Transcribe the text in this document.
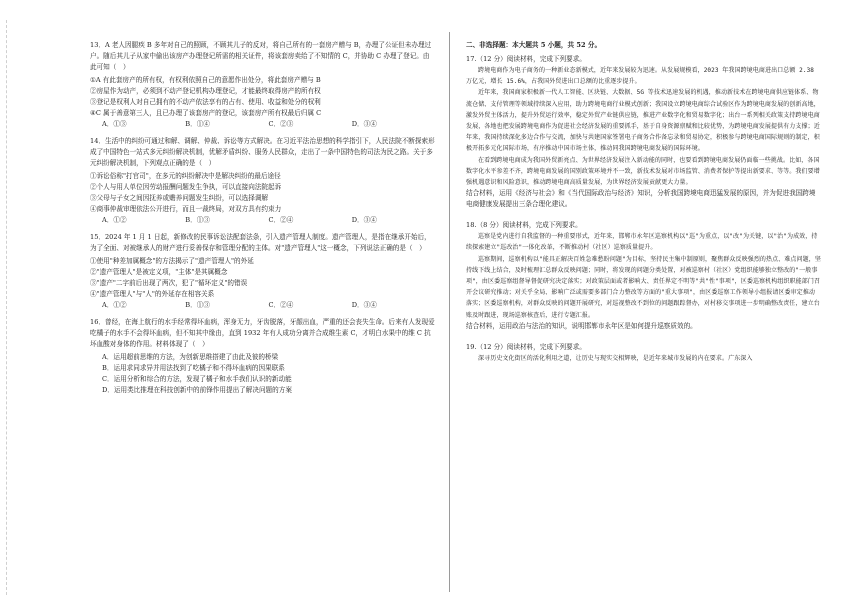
13．A 老人因腿疾 B 多年对自己的照顾，不顾其儿子的反对，将自己所有的一套房产赠与 B，办理了公证但未办理过户。随后其儿子从家中偷出该房产办理登记所需的相关证件，将该套房卖给了不知情的 C，并协助 C 办理了登记。由此可知（　）

①A 有此套房产的所有权，有权利依照自己的意愿作出处分，将此套房产赠与 B

②房屋作为动产，必须到不动产登记机构办理登记，才能最终取得房产的所有权

③登记是权利人对自己拥有的不动产依法享有的占有、使用、收益和处分的权利

④C 属于善意第三人，且已办理了该套房产的登记，该套房产所有权最后归属 C

A．①③	B．①④	C．②③	D．③④

14．生活中的纠纷可通过和解、调解、仲裁、诉讼等方式解决。在习近平法治思想的科学指引下，人民法院不断探索形成了中国特色一站式多元纠纷解决机制，优解矛盾纠纷、服务人民群众，走出了一条中国特色的司法为民之路。关于多元纠纷解决机制，下列观点正确的是（　）

①诉讼俗称"打官司"，在多元的纠纷解决中是解决纠纷的最后途径

②个人与用人单位因劳动报酬问题发生争执，可以直接向法院起诉

③父母与子女之间因抚养或赡养问题发生纠纷，可以选择调解

④商事仲裁审理依法公开进行，而且一裁终局，对双方具有约束力

A．①②	B．①③	C．②④	D．③④

15．2024 年 1 月 1 日起，新修改的民事诉讼法配套法条，引入遗产管理人制度。遗产管理人，是指在继承开始后，为了全面、对被继承人的财产进行妥善保存和管理分配的主体。对"遗产管理人"这一概念，下列说法正确的是（　）

①使用"种差加属概念"的方法揭示了"遗产管理人"的外延

②"遗产管理人"是被定义项，"主体"是其属概念

③"遗产"二字前后出现了两次，犯了"循环定义"的错误

④"遗产管理人"与"人"的外延存在相容关系

A．①②	B．①③	C．②④	D．③④

16．曾经，在海上航行的水手经常得坏血病，浑身无力，牙齿脱落，牙龈出血，严重的还会丧失生命。后来有人发现爱吃橘子的水手不会得坏血病，但不知其中缘由，直到 1932 年有人成功分离并合成维生素 C，才明白水果中的维 C 抗坏血酸对身体的作用。材料体现了（　）

A．运用超前思维的方法，为创新思维搭建了由此及彼的桥梁

B．运用求同求异并用法找到了吃橘子和不得坏血病的因果联系

C．运用分析和综合的方法，发现了橘子和水手我们认识的新动能

D．运用类比推理在科技创新中的前锋作用提出了解决问题的方案

二、非选择题：本大题共 5 小题，共 52 分。

17.（12 分）阅读材料，完成下列要求。

跨境电商作为电子商务的一种新业态新模式，近年来发展较为迅速。从发展规模看，2023 年我国跨境电商进出口总额 2.38 万亿元，增长 15.6%，占我国外贸进出口总额的比重逐步提升。

近年来，我国商家积极新一代人工智能、区块链、大数据、5G 等技术迅速发展的机遇，推动新技术在跨境电商供应链体系、物流仓储、支付管理等领域持续深入应用，助力跨境电商行业模式创新；我国设立跨境电商综合试验区作为跨境电商发展的创新高地，激发外贸主体活力，提升外贸运行效率，稳定外贸产业链供应链，推进产业数字化和贸易数字化；出台一系列相关政策支持跨境电商发展，各地也把发展跨境电商作为促进社会经济发展的重要抓手，基于自身资源禀赋和比较优势，为跨境电商发展提供有力支撑；近年来，我国持续深化多边合作与交流，加快与共建国家签署电子商务合作备忘录和贸易协定，积极参与跨境电商国际规则的制定，积极开拓多元化国际市场，有序推动中国市场主体，推动同我国跨境电商发展的国际环境。

在看到跨境电商成为我国外贸新亮点、为世界经济发展注入新动能的同时，也要看到跨境电商发展仍面临一些挑战。比如，各国数字化水平参差不齐，跨境电商发展的国别政策环境并不一致，新技术发展对市场监管、消费者保护等提出新要求、等等。我们要增强机遇意识和风险意识，推动跨境电商高质量发展，为世界经济发展贡献更大力量。

结合材料，运用《经济与社会》和《当代国际政治与经济》知识，分析我国跨境电商迅猛发展的原因，并为促进我国跨境电商健康发展提出三条合理化建议。

18.（8 分）阅读材料，完成下列要求。

巡察是党内进行自我监督的一种重要形式，近年来，邯郸市永年区巡察机构以"巡"为重点，以"改"为关键，以"治"为成效，持续探索建立"巡改治"一体化改革，不断推动村（社区）巡察质量提升。

巡察期间，巡察机构以"能具正解决百姓急难愁盼问题"为目标，坚持民主集中制原则，聚焦群众反映强烈的热点、难点问题，坚持线下线上结合，及时梳理汇总群众反映问题；同时，将发现的问题分类处置，对被巡察村（社区）党组织能够独立整改的"一般事项"，由区委巡察组督导督促研究决定落实；对政策层面或者影响大、责任界定不明等"共"性"事项"，区委巡察机构组织职能部门召开会议研究推动；对关乎全局、影响广泛或需要多部门合力整改等方面的"重大事项"，由区委巡察工作领导小组报请区委审定推动落实；区委巡察机构，对群众反映的问题开展研究，对巡视整改不到位的问题跟踪督办，对村移交事项进一步明确整改责任，建立台账及时跟进，现场巡察核查后，进行专题汇报。

结合材料，运用政治与法治的知识，说明邯郸市永年区是如何提升巡察质效的。

19.（12 分）阅读材料，完成下列要求。

深寻历史文化街区的活化利用之道，让历史与现实交相辉映，是近年来城市发展的内在要求。广东深入
